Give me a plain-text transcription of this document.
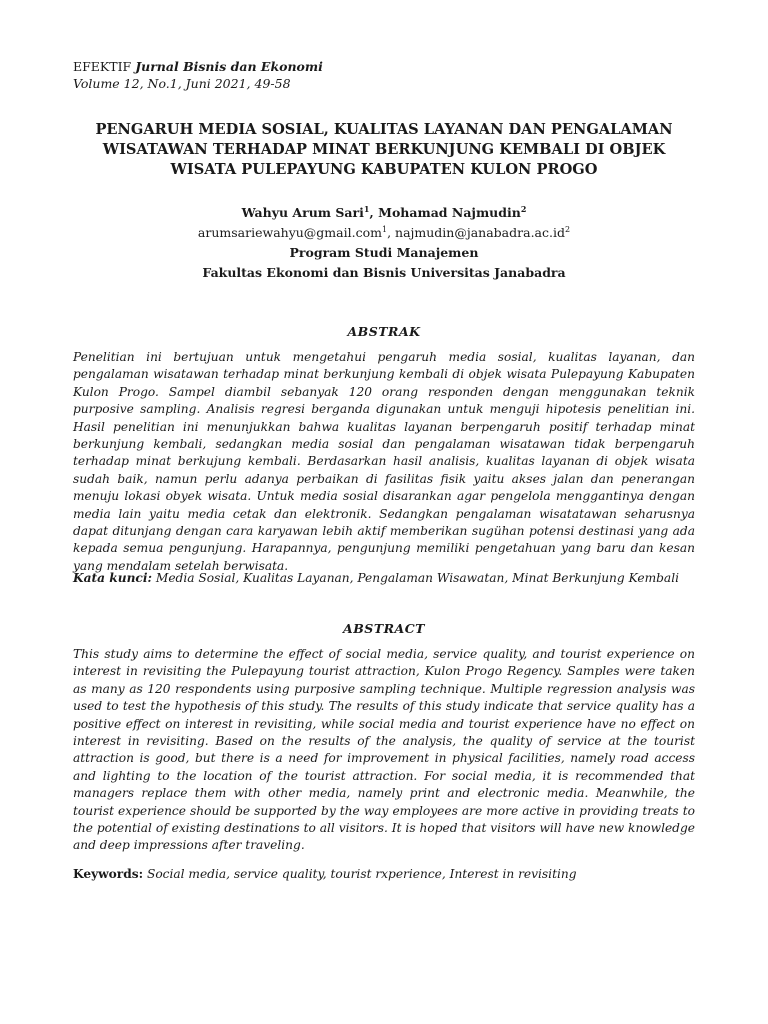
EFEKTIF Jurnal Bisnis dan Ekonomi
Volume 12, No.1, Juni 2021, 49-58
PENGARUH MEDIA SOSIAL, KUALITAS LAYANAN DAN PENGALAMAN
WISATAWAN TERHADAP MINAT BERKUNJUNG KEMBALI DI OBJEK
WISATA PULEPAYUNG KABUPATEN KULON PROGO
Wahyu Arum Sari$^1$, Mohamad Najmudin$^2$
arumsariewahyu@gmail.com$^1$, $najmudin@janabadra.ac.id^2$
Program Studi Manajemen
Fakultas Ekonomi dan Bisnis Universitas Janabadra
ABSTRAK

Penelitian ini bertujuan untuk mengetahui pengaruh media sosial, kualitas layanan, dan pengalaman wisatawan terhadap minat berkunjung kembali di objek wisata Pulepayung Kabupaten Kulon Progo. Sampel diambil sebanyak 120 orang responden dengan menggunakan teknik purposive sampling. Analisis regresi berganda digunakan untuk menguji hipotesis penelitian ini. Hasil penelitian ini menunjukkan bahwa kualitas layanan berpengaruh positif terhadap minat berkunjung kembali, sedangkan media sosial dan pengalaman wisatawan tidak berpengaruh terhadap minat berkujung kembali. Berdasarkan hasil analisis, kualitas layanan di objek wisata sudah baik, namun perlu adanya perbaikan di fasilitas fisik yaitu akses jalan dan penerangan menuju lokasi obyek wisata. Untuk media sosial disarankan agar pengelola menggantinya dengan media lain yaitu media cetak dan elektronik. Sedangkan pengalaman wisatatawan seharusnya dapat ditunjang dengan cara karyawan lebih aktif memberikan sugühan potensi destinasi yang ada kepada semua pengunjung. Harapannya, pengunjung memiliki pengetahuan yang baru dan kesan yang mendalam setelah berwisata.

Kata kunci: Media Sosial, Kualitas Layanan, Pengalaman Wisawatan, Minat Berkunjung Kembali
ABSTRACT

This study aims to determine the effect of social media, service quality, and tourist experience on interest in revisiting the Pulepayung tourist attraction, Kulon Progo Regency. Samples were taken as many as 120 respondents using purposive sampling technique. Multiple regression analysis was used to test the hypothesis of this study. The results of this study indicate that service quality has a positive effect on interest in revisiting, while social media and tourist experience have no effect on interest in revisiting. Based on the results of the analysis, the quality of service at the tourist attraction is good, but there is a need for improvement in physical facilities, namely road access and lighting to the location of the tourist attraction. For social media, it is recommended that managers replace them with other media, namely print and electronic media. Meanwhile, the tourist experience should be supported by the way employees are more active in providing treats to the potential of existing destinations to all visitors. It is hoped that visitors will have new knowledge and deep impressions after traveling.

Keywords: Social media, service quality, tourist rxperience, Interest in revisiting
